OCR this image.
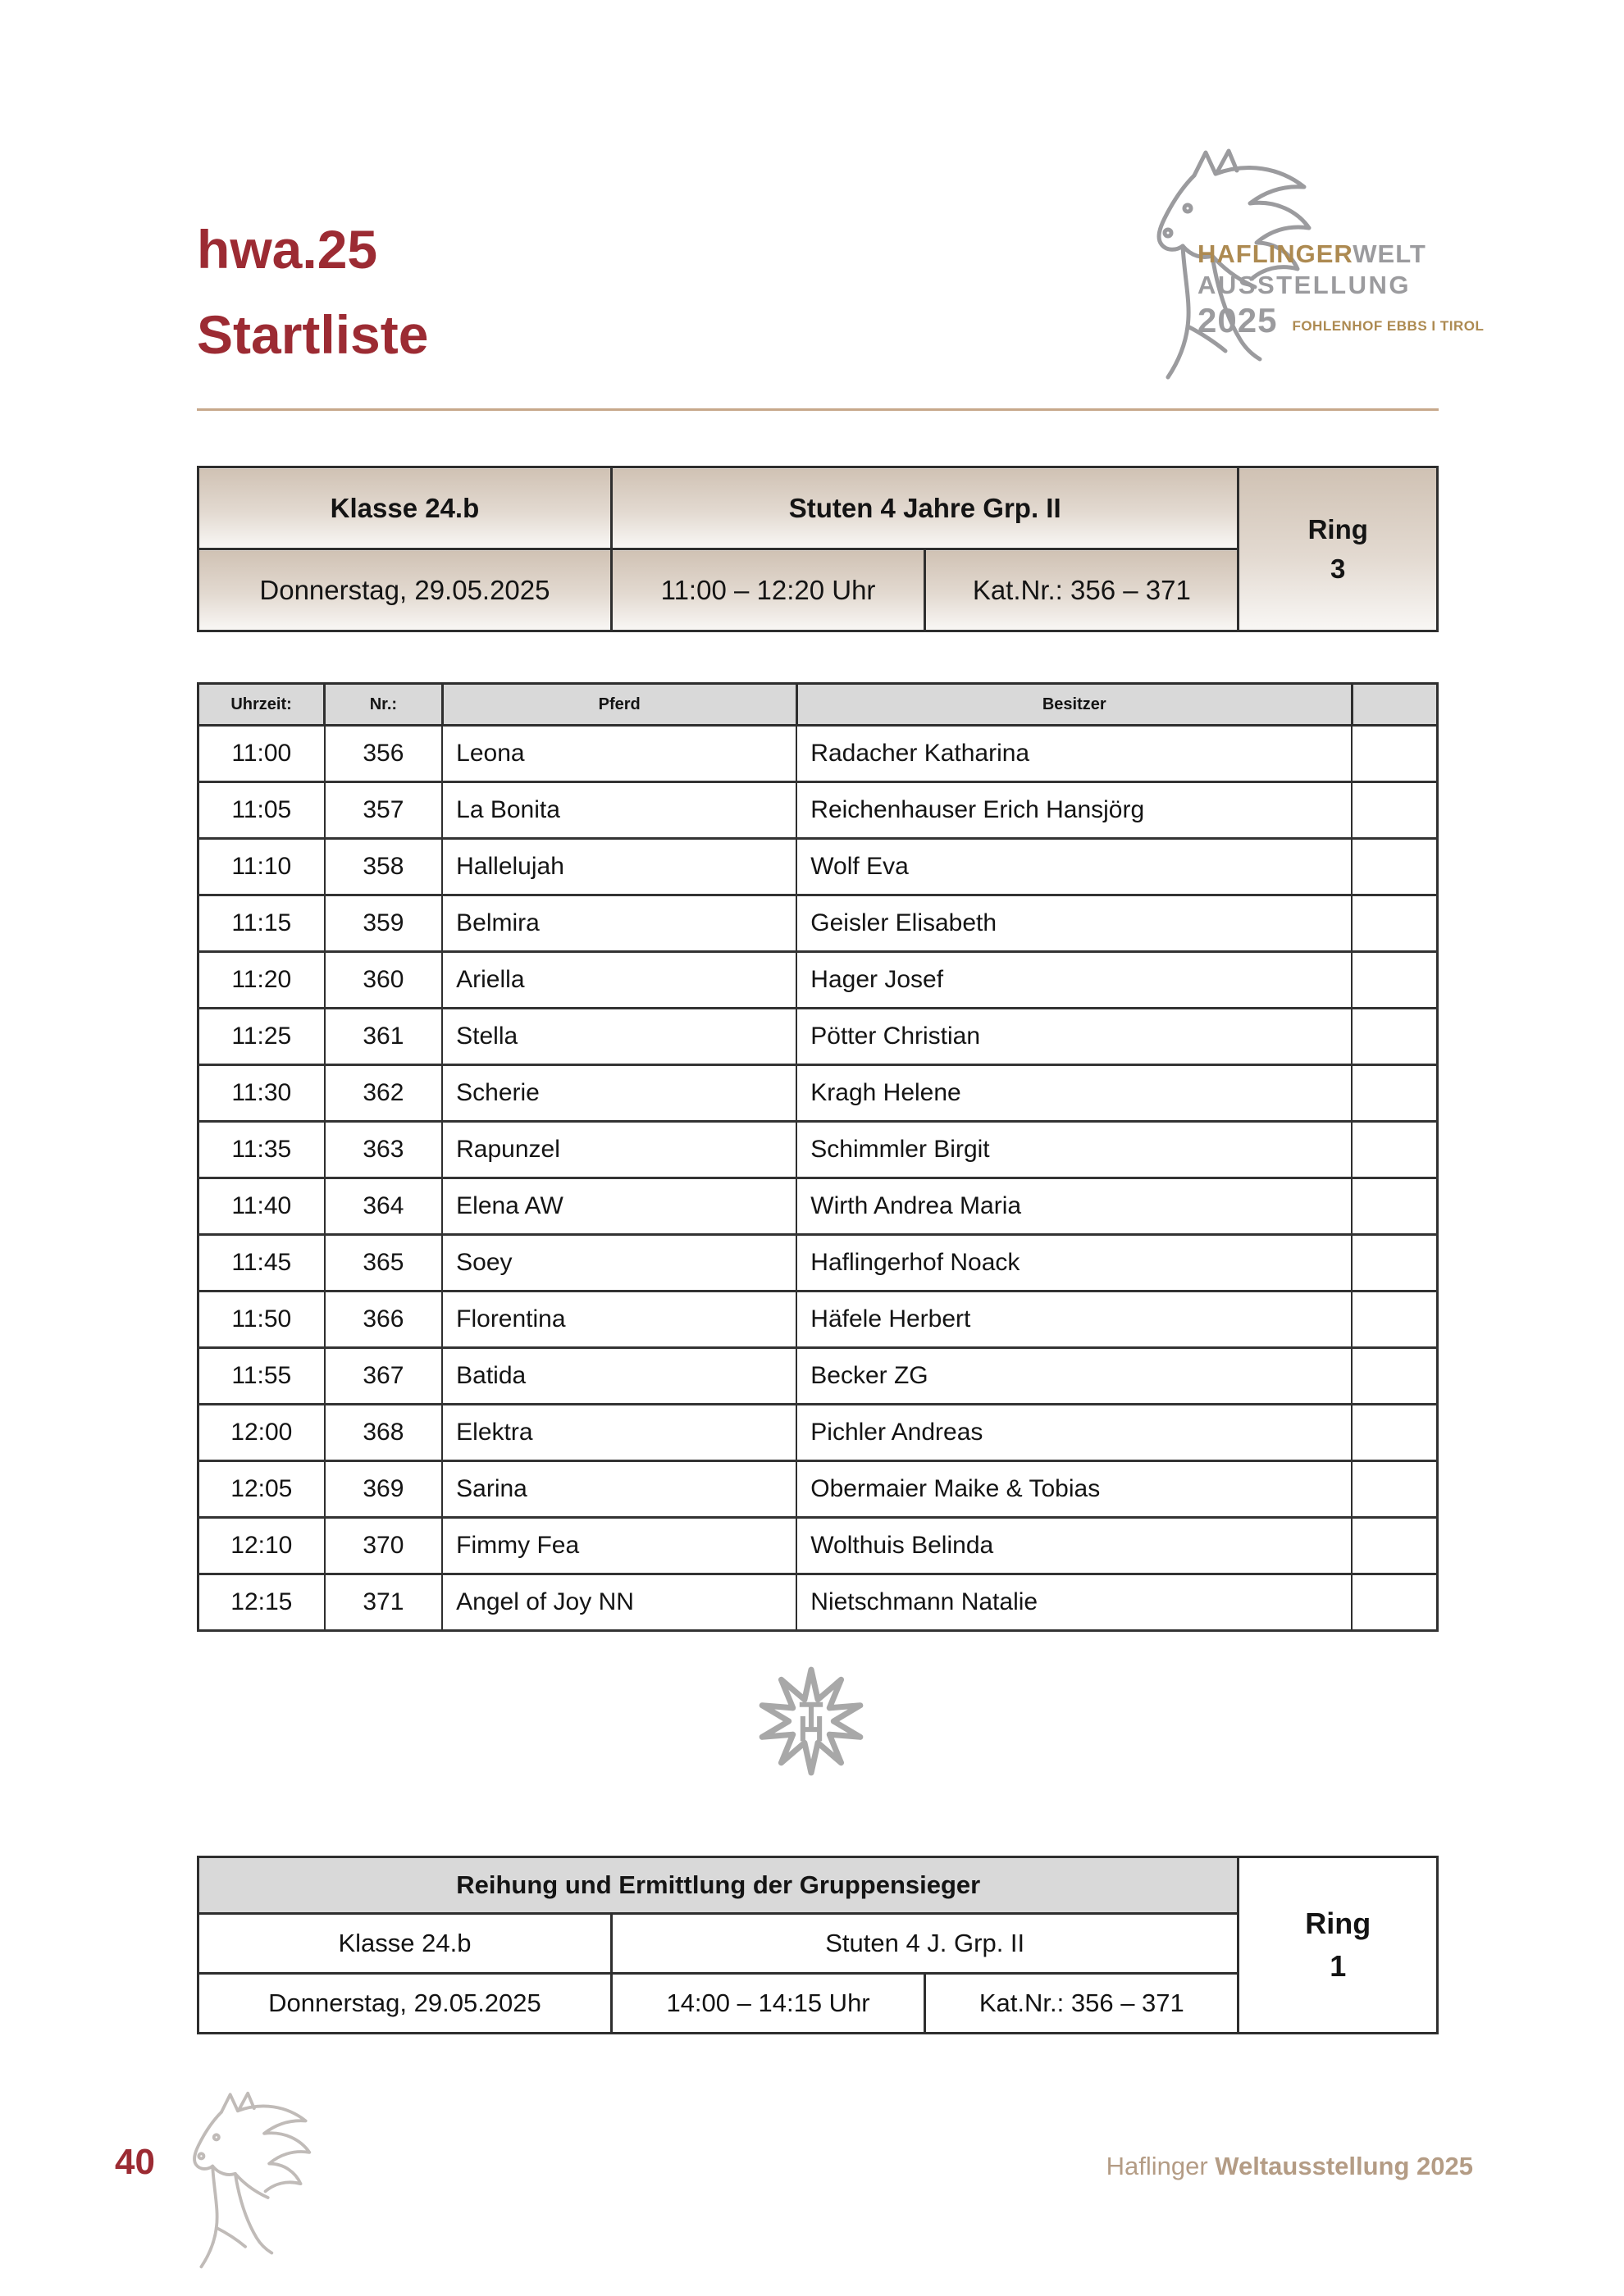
hwa.25
Startliste
HAFLINGERWELT
AUSSTELLUNG
2025 FOHLENHOF EBBS I TIROL
Klasse 24.b	Stuten 4 Jahre Grp. II		Ring
3

Donnerstag, 29.05.2025	11:00 – 12:20 Uhr	Kat.Nr.: 356 – 371	
Uhrzeit:	Nr.:	Pferd	Besitzer	
11:00	356	Leona	Radacher Katharina	
11:05	357	La Bonita	Reichenhauser Erich Hansjörg	
11:10	358	Hallelujah	Wolf Eva	
11:15	359	Belmira	Geisler Elisabeth	
11:20	360	Ariella	Hager Josef	
11:25	361	Stella	Pötter Christian	
11:30	362	Scherie	Kragh Helene	
11:35	363	Rapunzel	Schimmler Birgit	
11:40	364	Elena AW	Wirth Andrea Maria	
11:45	365	Soey	Haflingerhof Noack	
11:50	366	Florentina	Häfele Herbert	
11:55	367	Batida	Becker ZG	
12:00	368	Elektra	Pichler Andreas	
12:05	369	Sarina	Obermaier Maike & Tobias	
12:10	370	Fimmy Fea	Wolthuis Belinda	
12:15	371	Angel of Joy NN	Nietschmann Natalie	
Reihung und Ermittlung der Gruppensieger			Ring
1

Klasse 24.b	Stuten 4 J. Grp. II		
Donnerstag, 29.05.2025	14:00 – 14:15 Uhr	Kat.Nr.: 356 – 371	
40	Haflinger Weltausstellung 2025
